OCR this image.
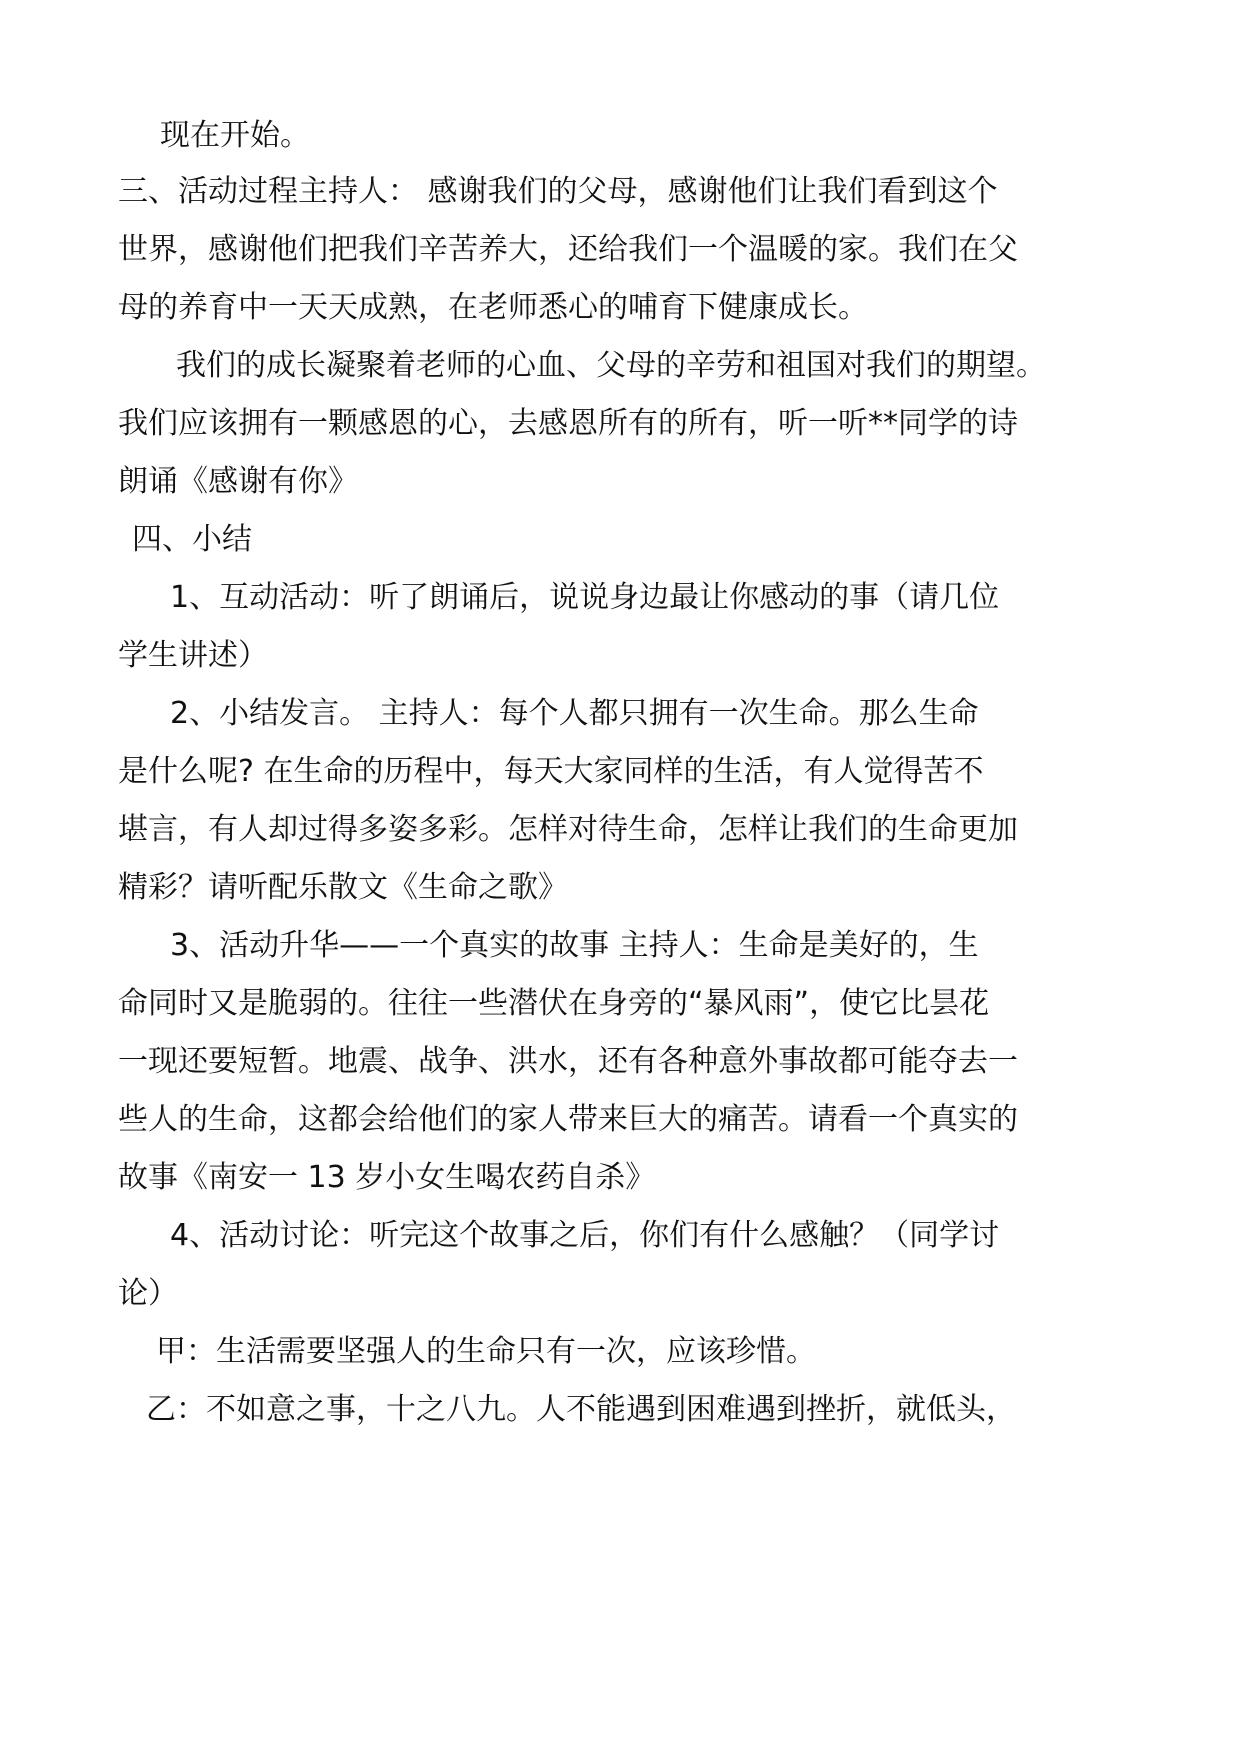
现在开始。
三、活动过程主持人： 感谢我们的父母，感谢他们让我们看到这个
世界，感谢他们把我们辛苦养大，还给我们一个温暖的家。我们在父
母的养育中一天天成熟，在老师悉心的哺育下健康成长。
我们的成长凝聚着老师的心血、父母的辛劳和祖国对我们的期望。
我们应该拥有一颗感恩的心，去感恩所有的所有，听一听**同学的诗
朗诵《感谢有你》
四、小结
1、互动活动：听了朗诵后，说说身边最让你感动的事（请几位
学生讲述）
2、小结发言。 主持人：每个人都只拥有一次生命。那么生命
是什么呢? 在生命的历程中，每天大家同样的生活，有人觉得苦不
堪言，有人却过得多姿多彩。怎样对待生命，怎样让我们的生命更加
精彩？请听配乐散文《生命之歌》
3、活动升华——一个真实的故事 主持人：生命是美好的，生
命同时又是脆弱的。往往一些潜伏在身旁的“暴风雨”，使它比昙花
一现还要短暂。地震、战争、洪水，还有各种意外事故都可能夺去一
些人的生命，这都会给他们的家人带来巨大的痛苦。请看一个真实的
故事《南安一 13 岁小女生喝农药自杀》
4、活动讨论：听完这个故事之后，你们有什么感触？（同学讨
论）
甲：生活需要坚强人的生命只有一次，应该珍惜。
乙：不如意之事，十之八九。人不能遇到困难遇到挫折，就低头，
